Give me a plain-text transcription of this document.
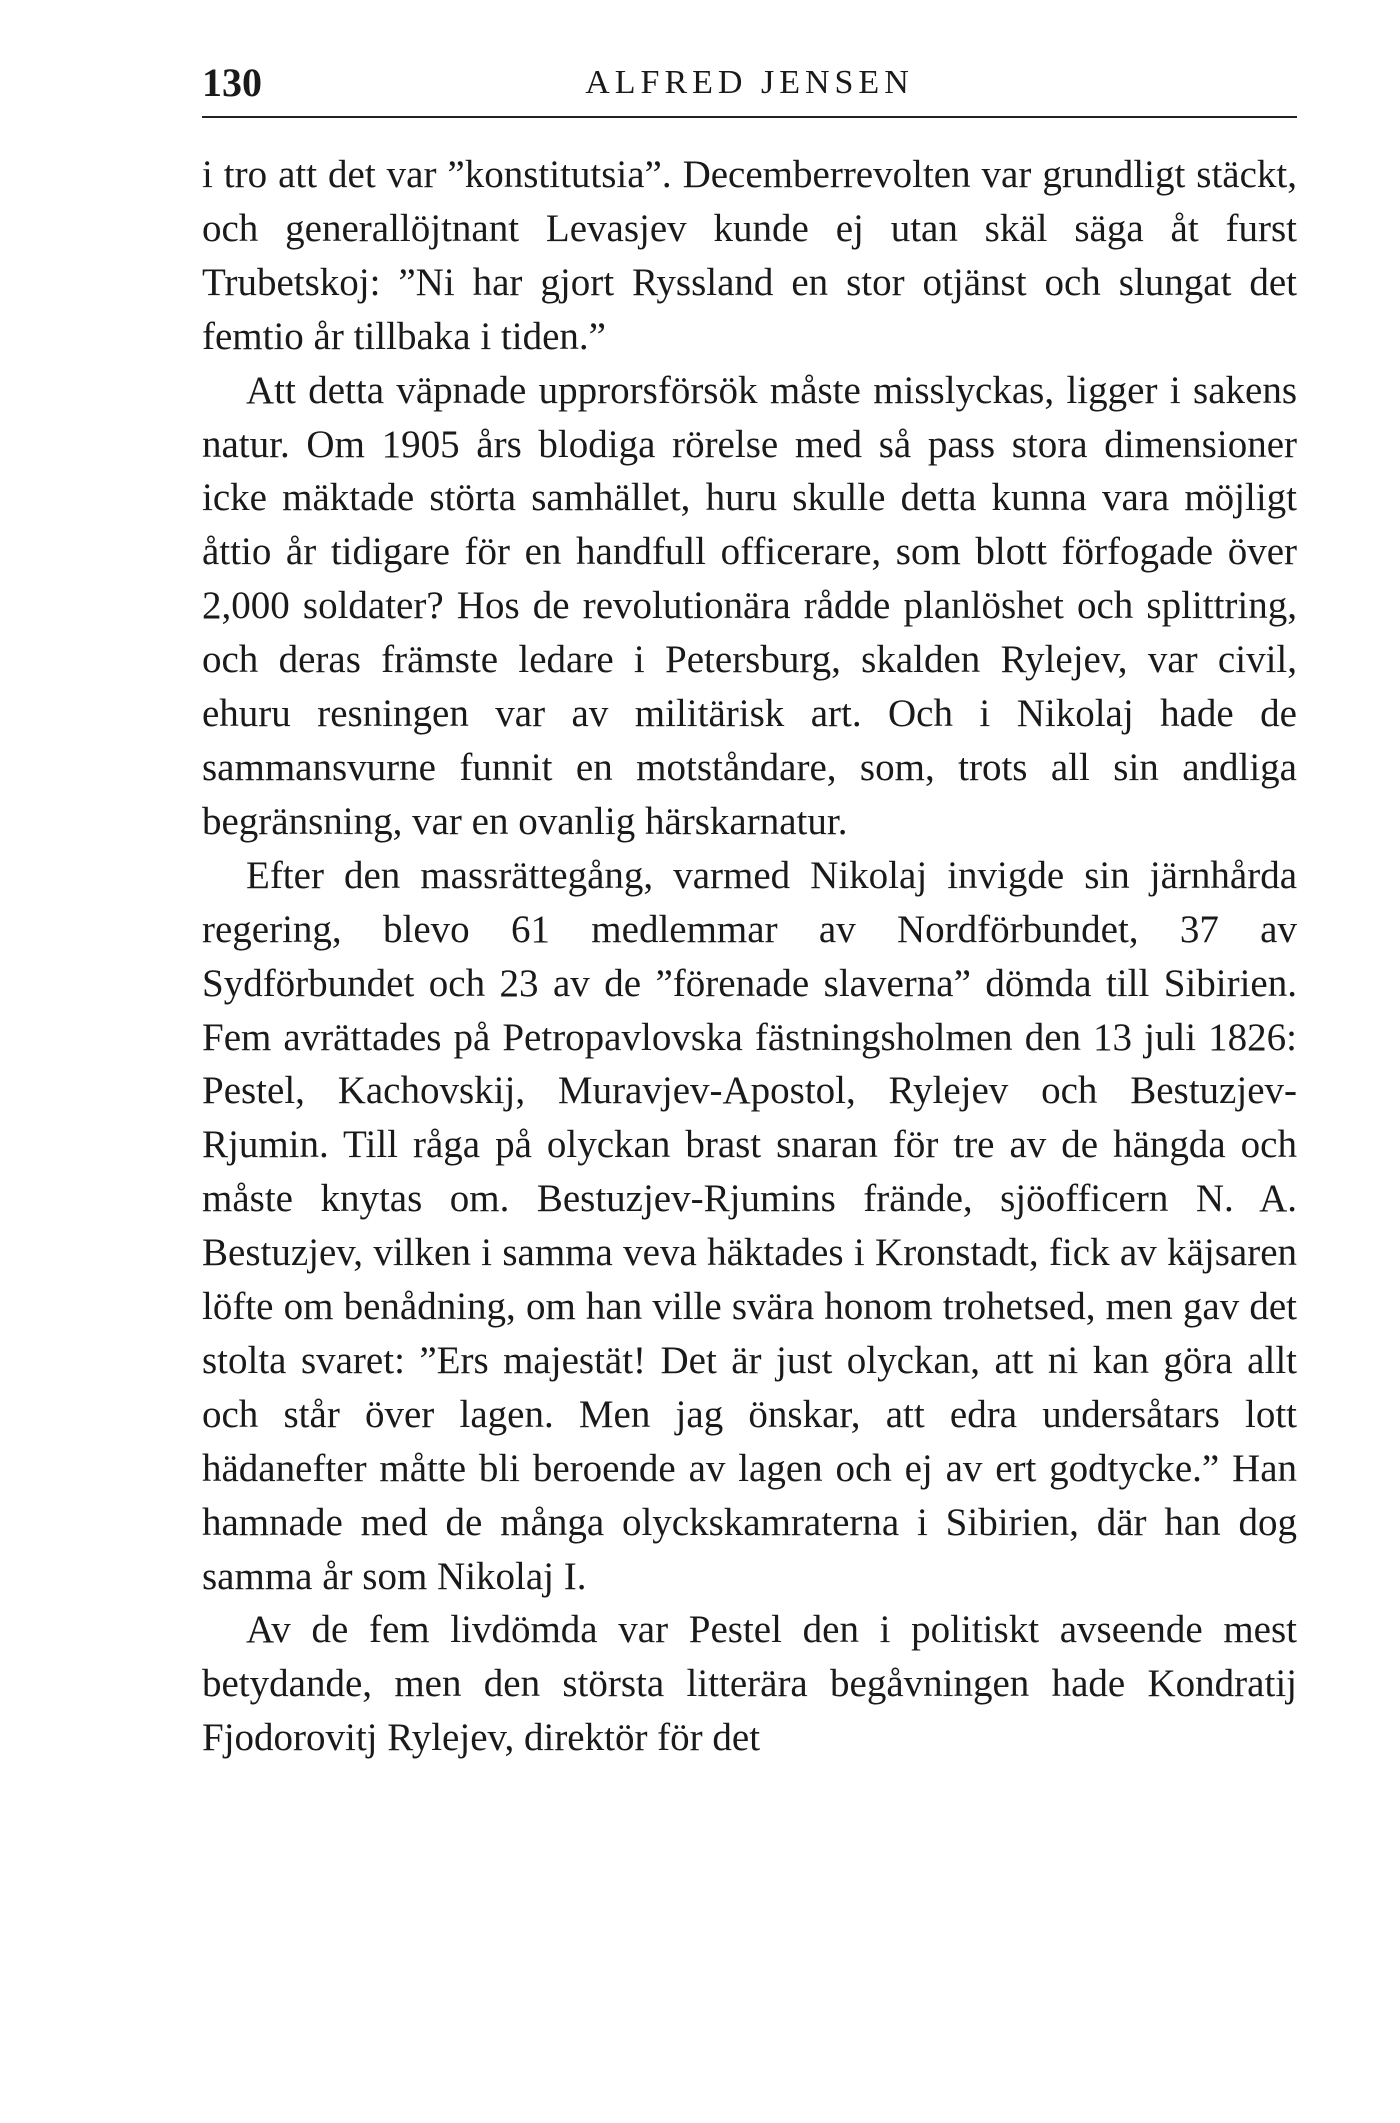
130	ALFRED JENSEN

i tro att det var ”konstitutsia”. Decemberrevolten var grundligt stäckt, och generallöjtnant Levasjev kunde ej utan skäl säga åt furst Trubetskoj: ”Ni har gjort Ryssland en stor otjänst och slungat det femtio år tillbaka i tiden.”

Att detta väpnade upprorsförsök måste misslyckas, ligger i sakens natur. Om 1905 års blodiga rörelse med så pass stora dimensioner icke mäktade störta samhället, huru skulle detta kunna vara möjligt åttio år tidigare för en handfull officerare, som blott förfogade över 2,000 soldater? Hos de revolutionära rådde planlöshet och splittring, och deras främste ledare i Petersburg, skalden Rylejev, var civil, ehuru resningen var av militärisk art. Och i Nikolaj hade de sammansvurne funnit en motståndare, som, trots all sin andliga begränsning, var en ovanlig härskarnatur.

Efter den massrättegång, varmed Nikolaj invigde sin järnhårda regering, blevo 61 medlemmar av Nordförbundet, 37 av Sydförbundet och 23 av de ”förenade slaverna” dömda till Sibirien. Fem avrättades på Petropavlovska fästningsholmen den 13 juli 1826: Pestel, Kachovskij, Muravjev-Apostol, Rylejev och Bestuzjev-Rjumin. Till råga på olyckan brast snaran för tre av de hängda och måste knytas om. Bestuzjev-Rjumins frände, sjöofficern N. A. Bestuzjev, vilken i samma veva häktades i Kronstadt, fick av käjsaren löfte om benådning, om han ville svära honom trohetsed, men gav det stolta svaret: ”Ers majestät! Det är just olyckan, att ni kan göra allt och står över lagen. Men jag önskar, att edra undersåtars lott hädanefter måtte bli beroende av lagen och ej av ert godtycke.” Han hamnade med de många olyckskamraterna i Sibirien, där han dog samma år som Nikolaj I.

Av de fem livdömda var Pestel den i politiskt avseende mest betydande, men den största litterära begåvningen hade Kondratij Fjodorovitj Rylejev, direktör för det
